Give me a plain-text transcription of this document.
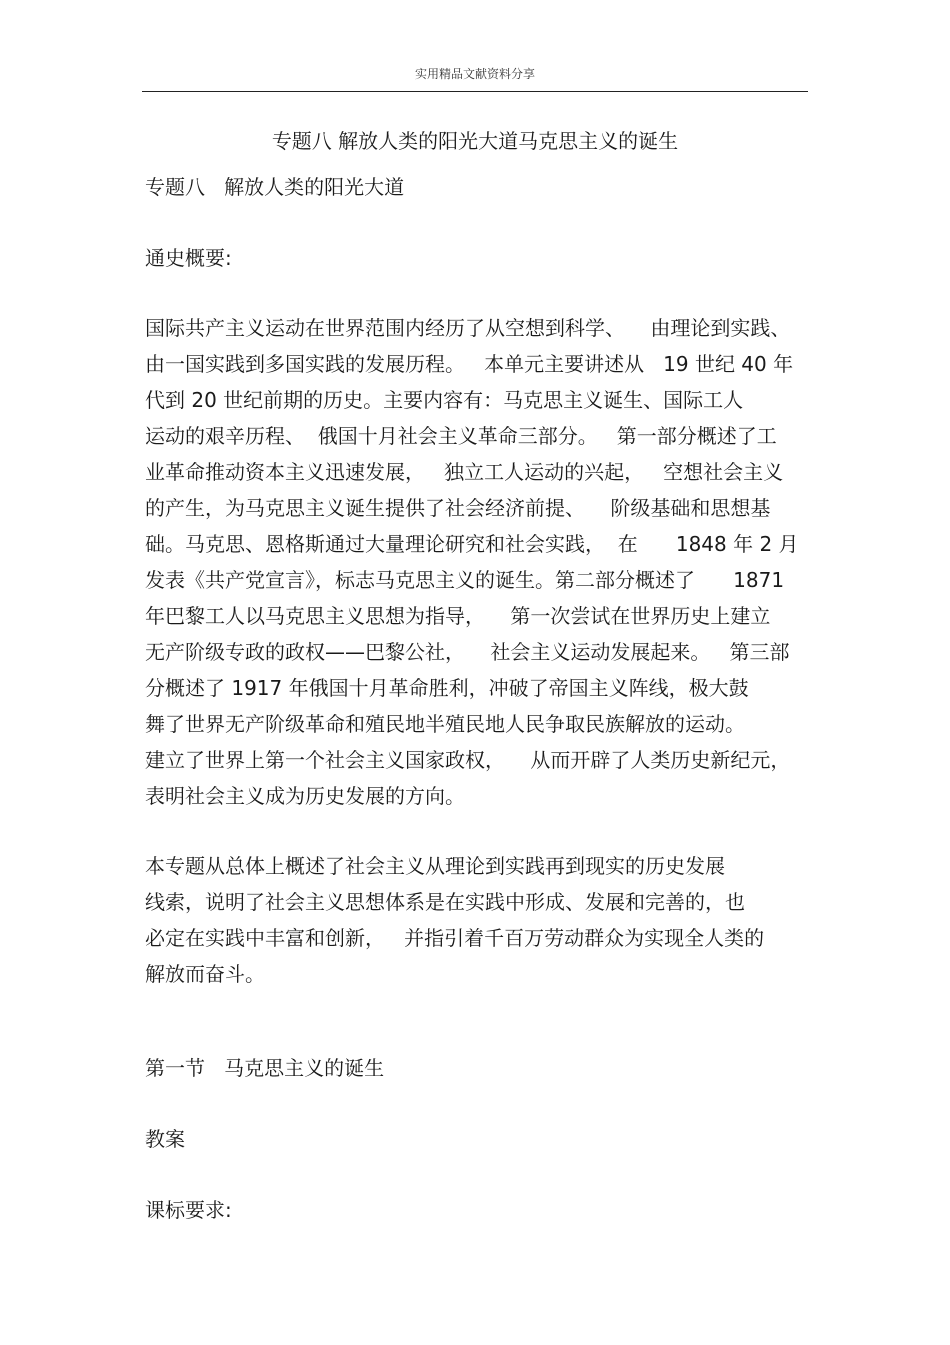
实用精品文献资料分享
专题八 解放人类的阳光大道马克思主义的诞生

专题八   解放人类的阳光大道

通史概要:

国际共产主义运动在世界范围内经历了从空想到科学、    由理论到实践、

由一国实践到多国实践的发展历程。   本单元主要讲述从   19 世纪 40 年

代到 20 世纪前期的历史。主要内容有：马克思主义诞生、国际工人

运动的艰辛历程、  俄国十月社会主义革命三部分。   第一部分概述了工

业革命推动资本主义迅速发展，   独立工人运动的兴起，   空想社会主义

的产生，为马克思主义诞生提供了社会经济前提、    阶级基础和思想基

础。马克思、恩格斯通过大量理论研究和社会实践，  在      1848 年 2 月

发表《共产党宣言》，标志马克思主义的诞生。第二部分概述了      1871

年巴黎工人以马克思主义思想为指导，    第一次尝试在世界历史上建立

无产阶级专政的政权——巴黎公社，    社会主义运动发展起来。   第三部

分概述了 1917 年俄国十月革命胜利，冲破了帝国主义阵线，极大鼓

舞了世界无产阶级革命和殖民地半殖民地人民争取民族解放的运动。

建立了世界上第一个社会主义国家政权，    从而开辟了人类历史新纪元，

表明社会主义成为历史发展的方向。

本专题从总体上概述了社会主义从理论到实践再到现实的历史发展

线索，说明了社会主义思想体系是在实践中形成、发展和完善的，也

必定在实践中丰富和创新，   并指引着千百万劳动群众为实现全人类的

解放而奋斗。

第一节   马克思主义的诞生

教案

课标要求:
